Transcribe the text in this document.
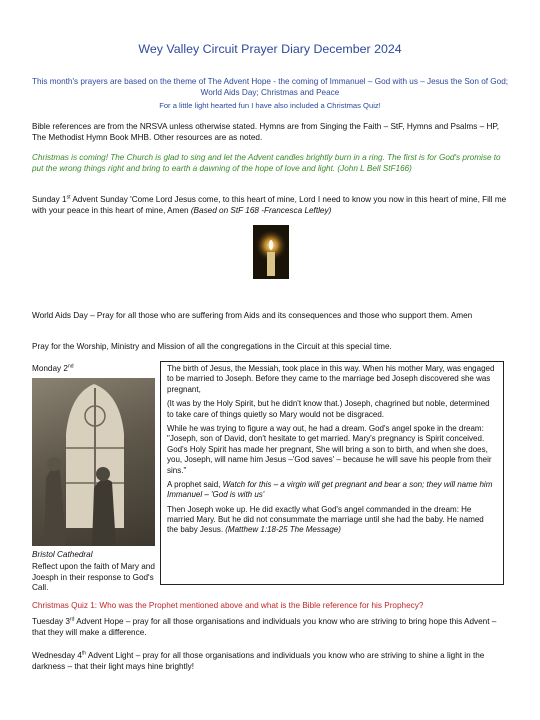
Wey Valley Circuit Prayer Diary December 2024
This month's prayers are based on the theme of The Advent Hope - the coming of Immanuel – God with us – Jesus the Son of God; World Aids Day; Christmas and Peace
For a little light hearted fun I have also included a Christmas Quiz!
Bible references are from the NRSVA unless otherwise stated. Hymns are from Singing the Faith – StF, Hymns and Psalms – HP, The Methodist Hymn Book MHB. Other resources are as noted.
Christmas is coming! The Church is glad to sing and let the Advent candles brightly burn in a ring. The first is for God's promise to put the wrong things right and bring to earth a dawning of the hope of love and light. (John L Bell StF166)
Sunday 1st Advent Sunday 'Come Lord Jesus come, to this heart of mine, Lord I need to know you now in this heart of mine, Fill me with your peace in this heart of mine, Amen (Based on StF 168 -Francesca Leftley)
World Aids Day – Pray for all those who are suffering from Aids and its consequences and those who support them. Amen
Pray for the Worship, Ministry and Mission of all the congregations in the Circuit at this special time.
Monday 2nd
Bristol Cathedral
Reflect upon the faith of Mary and Joesph in their response to God's Call.

The birth of Jesus, the Messiah, took place in this way. When his mother Mary, was engaged to be married to Joseph. Before they came to the marriage bed Joseph discovered she was pregnant,

(It was by the Holy Spirit, but he didn't know that.) Joseph, chagrined but noble, determined to take care of things quietly so Mary would not be disgraced.

While he was trying to figure a way out, he had a dream. God's angel spoke in the dream: "Joseph, son of David, don't hesitate to get married. Mary's pregnancy is Spirit conceived. God's Holy Spirit has made her pregnant, She will bring a son to birth, and when she does, you, Joseph, will name him Jesus –'God saves' – because he will save his people from their sins."

A prophet said, Watch for this – a virgin will get pregnant and bear a son; they will name him Immanuel – 'God is with us'

Then Joseph woke up. He did exactly what God's angel commanded in the dream: He married Mary. But he did not consummate the marriage until she had the baby. He named the baby Jesus. (Matthew 1:18-25 The Message)

Christmas Quiz 1: Who was the Prophet mentioned above and what is the Bible reference for his Prophecy?
Tuesday 3rd Advent Hope – pray for all those organisations and individuals you know who are striving to bring hope this Advent – that they will make a difference.
Wednesday 4th Advent Light – pray for all those organisations and individuals you know who are striving to shine a light in the darkness – that their light mays hine brightly!
